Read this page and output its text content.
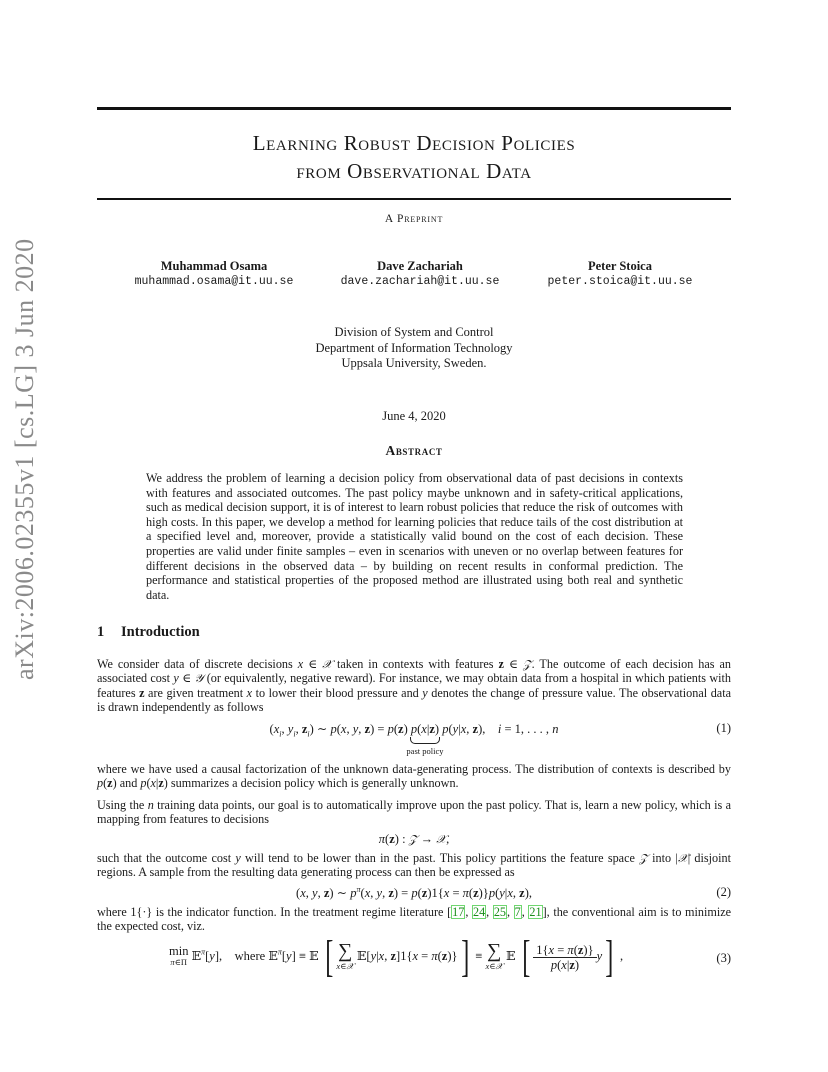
arXiv:2006.02355v1 [cs.LG] 3 Jun 2020
Learning Robust Decision Policies
from Observational Data
A Preprint
Muhammad Osama
muhammad.osama@it.uu.se
Dave Zachariah
dave.zachariah@it.uu.se
Peter Stoica
peter.stoica@it.uu.se
Division of System and Control
Department of Information Technology
Uppsala University, Sweden.
June 4, 2020
Abstract
We address the problem of learning a decision policy from observational data of past decisions in contexts with features and associated outcomes. The past policy maybe unknown and in safety-critical applications, such as medical decision support, it is of interest to learn robust policies that reduce the risk of outcomes with high costs. In this paper, we develop a method for learning policies that reduce tails of the cost distribution at a specified level and, moreover, provide a statistically valid bound on the cost of each decision. These properties are valid under finite samples – even in scenarios with uneven or no overlap between features for different decisions in the observed data – by building on recent results in conformal prediction. The performance and statistical properties of the proposed method are illustrated using both real and synthetic data.
1 Introduction
We consider data of discrete decisions x ∈ 𝒳 taken in contexts with features z ∈ 𝒵. The outcome of each decision has an associated cost y ∈ 𝒴 (or equivalently, negative reward). For instance, we may obtain data from a hospital in which patients with features z are given treatment x to lower their blood pressure and y denotes the change of pressure value. The observational data is drawn independently as follows
($x_i$, $y_i$, $z_i$) ∼ p(x, y, z) = p(z) p(x|z)
past policy
p(y|x, z),    i = 1, . . . , n	(1)
where we have used a causal factorization of the unknown data-generating process. The distribution of contexts is described by p(z) and p(x|z) summarizes a decision policy which is generally unknown.
Using the n training data points, our goal is to automatically improve upon the past policy. That is, learn a new policy, which is a mapping from features to decisions
π(z) : 𝒵 → 𝒳,
such that the outcome cost y will tend to be lower than in the past. This policy partitions the feature space 𝒵 into |𝒳| disjoint regions. A sample from the resulting data generating process can then be expressed as
(x, y, z) ∼ $p^\pi(x$, y, z) = p(z)1{x = π(z)}p(y|x, z),	(2)
where 1{·} is the indicator function. In the treatment regime literature [17, 24, 25, 7, 21], the conventional aim is to minimize the expected cost, viz.
min
π∈Π 𝔼$^\pi$[y],    where 𝔼$^\pi$[y] ≡ 𝔼 [ ∑
x∈𝒳
𝔼[y|x, z]1{x = π(z)}] ≡ ∑
x∈𝒳
𝔼 [ $\frac{1\{x = \pi(z)\}}{p(x|z)} y$] ,	(3)
